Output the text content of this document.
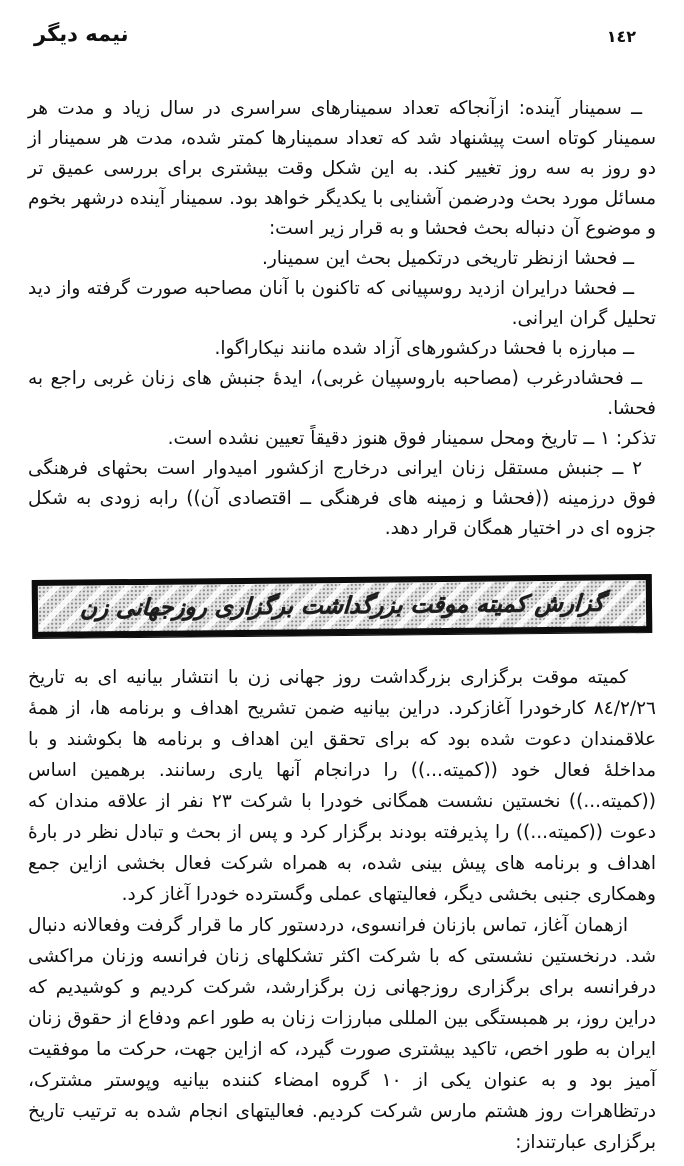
نیمه دیگر	١٤٢

ــ سمینار آینده: ازآنجاکه تعداد سمینارهای سراسری در سال زیاد و مدت هر سمینار کوتاه است پیشنهاد شد که تعداد سمینارها کمتر شده، مدت هر سمینار از دو روز به سه روز تغییر کند. به این شکل وقت بیشتری برای بررسی عمیق تر مسائل مورد بحث ودرضمن آشنایی با یکدیگر خواهد بود. سمینار آینده درشهر بخوم و موضوع آن دنباله بحث فحشا و به قرار زیر است:

ــ فحشا ازنظر تاریخی درتکمیل بحث این سمینار.

ــ فحشا درایران ازدید روسپیانی که تاکنون با آنان مصاحبه صورت گرفته واز دید تحلیل گران ایرانی.

ــ مبارزه با فحشا درکشورهای آزاد شده مانند نیکاراگوا.

ــ فحشادرغرب (مصاحبه باروسپیان غربی)، ایدهٔ جنبش های زنان غربی راجع به فحشا.

تذکر: ١ ــ تاریخ ومحل سمینار فوق هنوز دقیقاً تعیین نشده است.

٢ ــ جنبش مستقل زنان ایرانی درخارج ازکشور امیدوار است بحثهای فرهنگی فوق درزمینه ((فحشا و زمینه های فرهنگی ــ اقتصادی آن)) رابه زودی به شکل جزوه ای در اختیار همگان قرار دهد.

گزارش کمیته موقت بزرگداشت برگزاری روزجهانی زن

کمیته موقت برگزاری بزرگداشت روز جهانی زن با انتشار بیانیه ای به تاریخ ٨٤/٢/٢٦ کارخودرا آغازکرد. دراین بیانیه ضمن تشریح اهداف و برنامه ها، از همهٔ علاقمندان دعوت شده بود که برای تحقق این اهداف و برنامه ها بکوشند و با مداخلهٔ فعال خود ((کمیته...)) را درانجام آنها یاری رسانند. برهمین اساس ((کمیته...)) نخستین نشست همگانی خودرا با شرکت ٢٣ نفر از علاقه مندان که دعوت ((کمیته...)) را پذیرفته بودند برگزار کرد و پس از بحث و تبادل نظر در بارهٔ اهداف و برنامه های پیش بینی شده، به همراه شرکت فعال بخشی ازاین جمع وهمکاری جنبی بخشی دیگر، فعالیتهای عملی وگسترده خودرا آغاز کرد.

ازهمان آغاز، تماس بازنان فرانسوی، دردستور کار ما قرار گرفت وفعالانه دنبال شد. درنخستین نشستی که با شرکت اکثر تشکلهای زنان فرانسه وزنان مراکشی درفرانسه برای برگزاری روزجهانی زن برگزارشد، شرکت کردیم و کوشیدیم که دراین روز، بر همبستگی بین المللی مبارزات زنان به طور اعم ودفاع از حقوق زنان ایران به طور اخص، تاکید بیشتری صورت گیرد، که ازاین جهت، حرکت ما موفقیت آمیز بود و به عنوان یکی از ١٠ گروه امضاء کننده بیانیه وپوستر مشترک، درتظاهرات روز هشتم مارس شرکت کردیم. فعالیتهای انجام شده به ترتیب تاریخ برگزاری عبارتنداز:
